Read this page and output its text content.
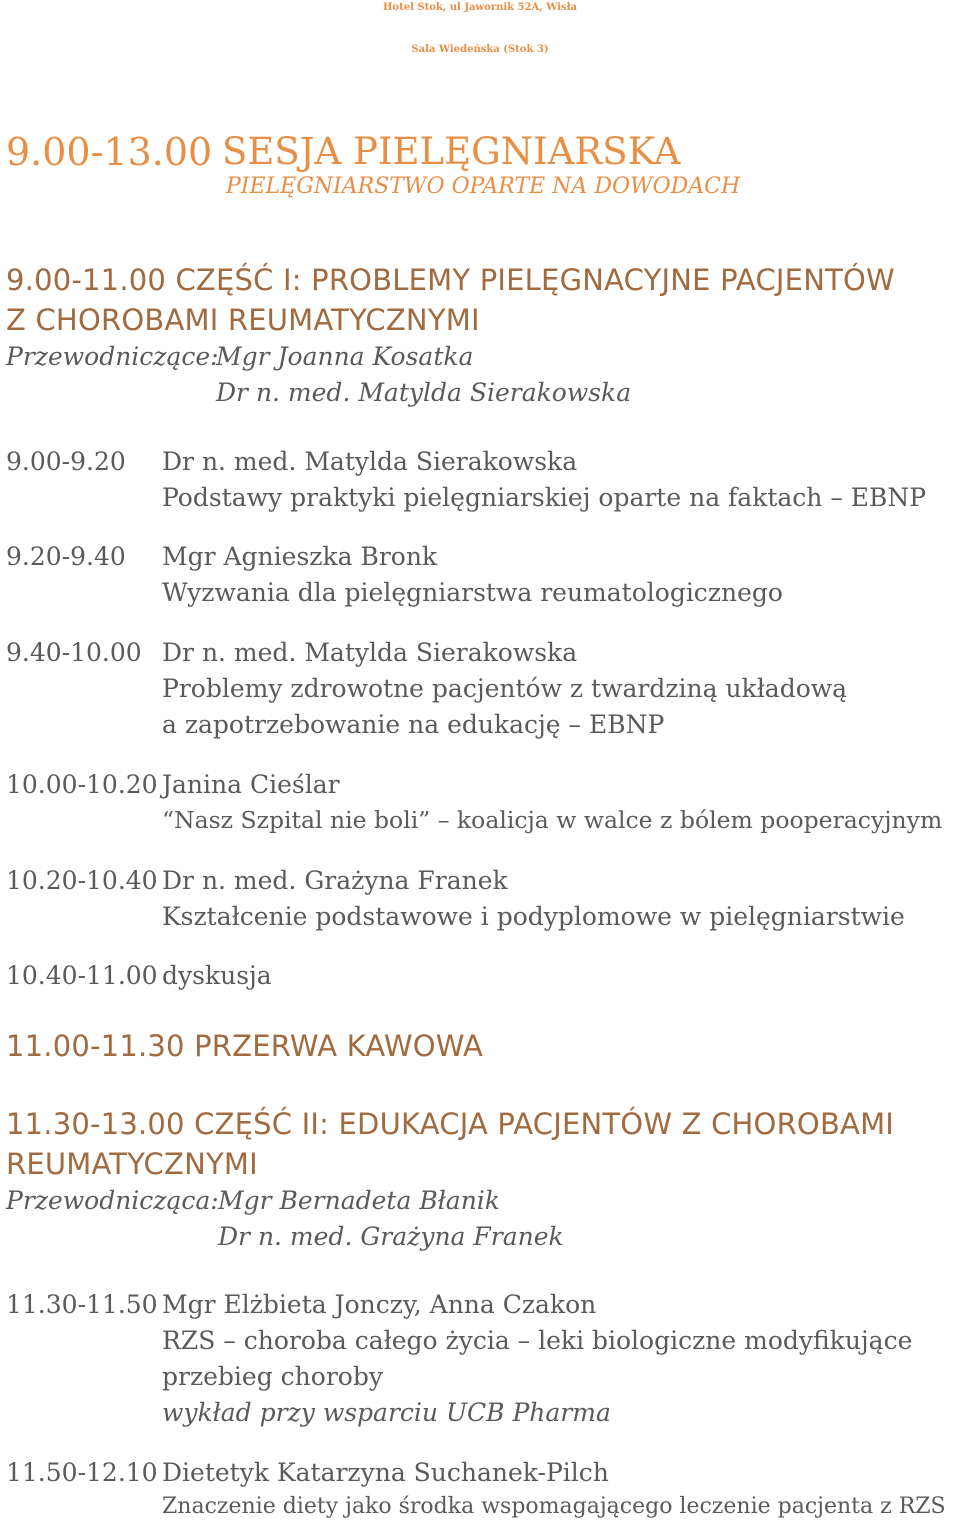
Hotel Stok, ul Jawornik 52A, Wisła
Sala Wiedeńska (Stok 3)
9.00-13.00 SESJA PIELĘGNIARSKA
PIELĘGNIARSTWO OPARTE NA DOWODACH
9.00-11.00 CZĘŚĆ I: PROBLEMY PIELĘGNACYJNE PACJENTÓW
Z CHOROBAMI REUMATYCZNYMI
Przewodniczące:
Mgr Joanna Kosatka
Dr n. med. Matylda Sierakowska
9.00-9.20 Dr n. med. Matylda Sierakowska
Podstawy praktyki pielęgniarskiej oparte na faktach – EBNP
9.20-9.40 Mgr Agnieszka Bronk
Wyzwania dla pielęgniarstwa reumatologicznego
9.40-10.00 Dr n. med. Matylda Sierakowska
Problemy zdrowotne pacjentów z twardziną układową
a zapotrzebowanie na edukację – EBNP
10.00-10.20 Janina Cieślar
“Nasz Szpital nie boli” – koalicja w walce z bólem pooperacyjnym
10.20-10.40 Dr n. med. Grażyna Franek
Kształcenie podstawowe i podyplomowe w pielęgniarstwie
10.40-11.00 dyskusja
11.00-11.30 PRZERWA KAWOWA
11.30-13.00 CZĘŚĆ II: EDUKACJA PACJENTÓW Z CHOROBAMI
REUMATYCZNYMI
Przewodnicząca: Mgr Bernadeta Błanik
Dr n. med. Grażyna Franek
11.30-11.50 Mgr Elżbieta Jonczy, Anna Czakon
RZS – choroba całego życia – leki biologiczne modyfikujące
przebieg choroby
wykład przy wsparciu UCB Pharma
11.50-12.10 Dietetyk Katarzyna Suchanek-Pilch
Znaczenie diety jako środka wspomagającego leczenie pacjenta z RZS
